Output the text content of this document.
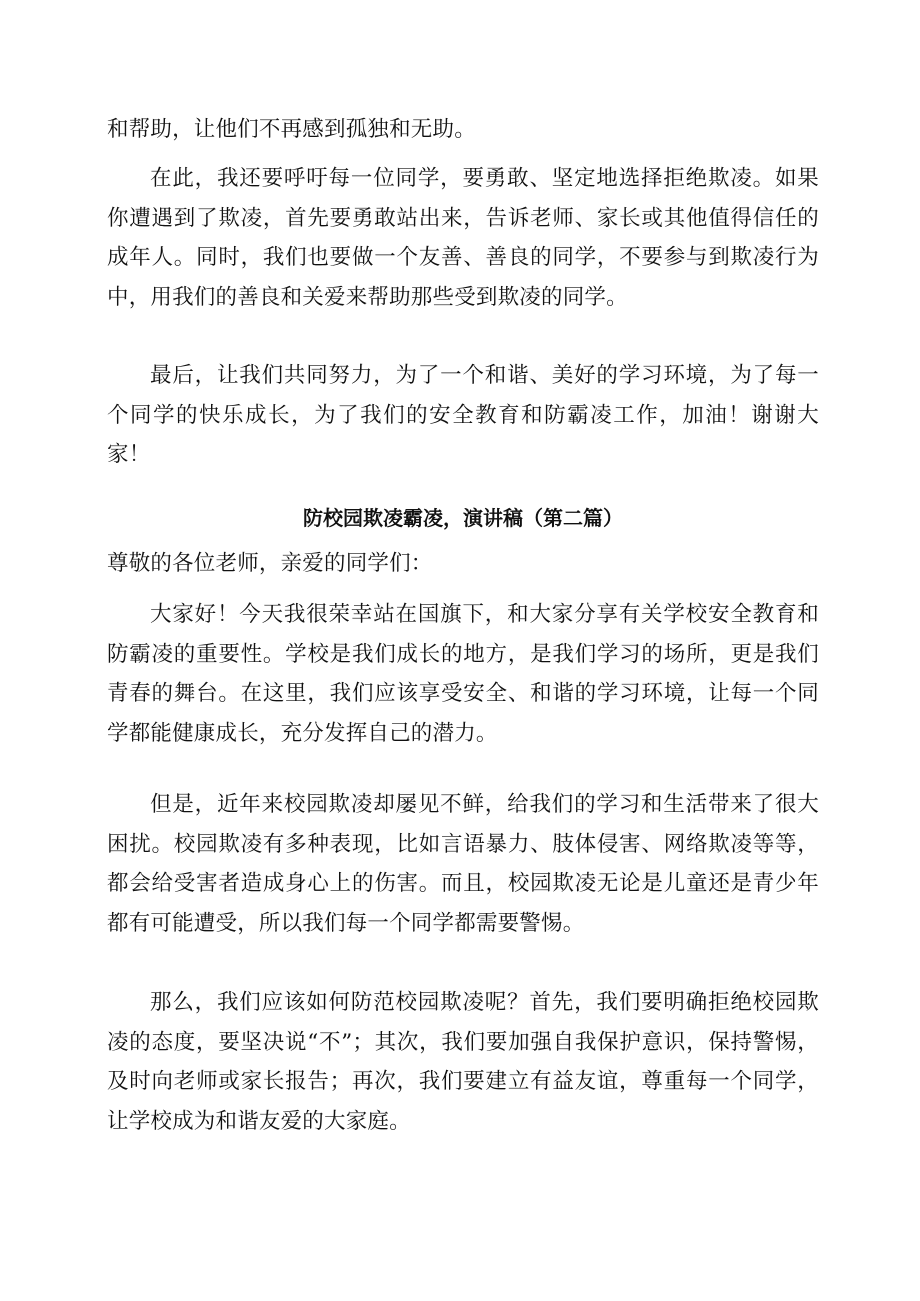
和帮助，让他们不再感到孤独和无助。

在此，我还要呼吁每一位同学，要勇敢、坚定地选择拒绝欺凌。如果你遭遇到了欺凌，首先要勇敢站出来，告诉老师、家长或其他值得信任的成年人。同时，我们也要做一个友善、善良的同学，不要参与到欺凌行为中，用我们的善良和关爱来帮助那些受到欺凌的同学。

最后，让我们共同努力，为了一个和谐、美好的学习环境，为了每一个同学的快乐成长，为了我们的安全教育和防霸凌工作，加油！谢谢大家！

防校园欺凌霸凌，演讲稿（第二篇）

尊敬的各位老师，亲爱的同学们：

大家好！今天我很荣幸站在国旗下，和大家分享有关学校安全教育和防霸凌的重要性。学校是我们成长的地方，是我们学习的场所，更是我们青春的舞台。在这里，我们应该享受安全、和谐的学习环境，让每一个同学都能健康成长，充分发挥自己的潜力。

但是，近年来校园欺凌却屡见不鲜，给我们的学习和生活带来了很大困扰。校园欺凌有多种表现，比如言语暴力、肢体侵害、网络欺凌等等，都会给受害者造成身心上的伤害。而且，校园欺凌无论是儿童还是青少年都有可能遭受，所以我们每一个同学都需要警惕。

那么，我们应该如何防范校园欺凌呢？首先，我们要明确拒绝校园欺凌的态度，要坚决说“不”；其次，我们要加强自我保护意识，保持警惕，及时向老师或家长报告；再次，我们要建立有益友谊，尊重每一个同学，让学校成为和谐友爱的大家庭。
